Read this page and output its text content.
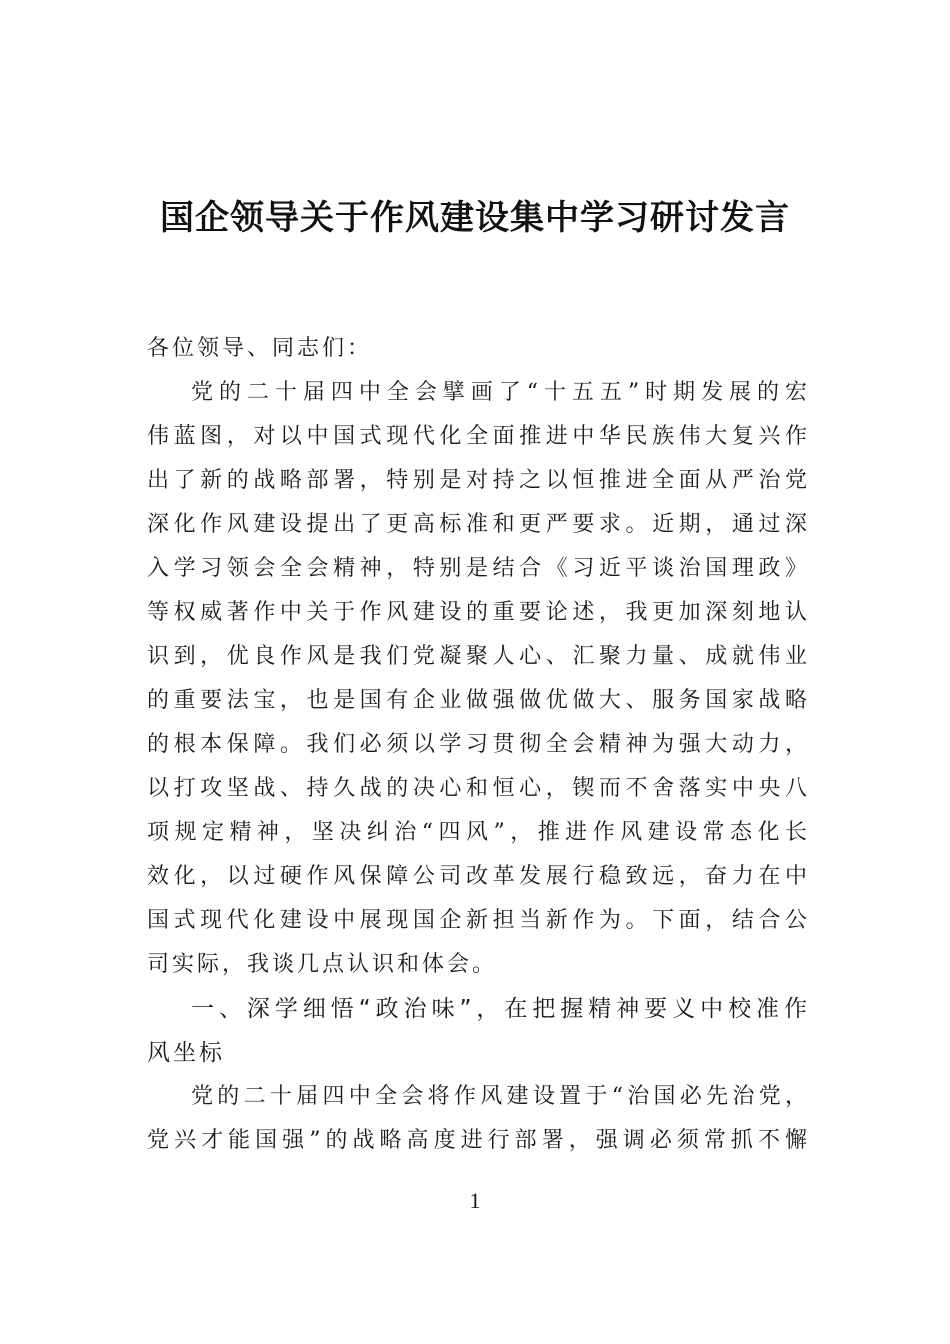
国企领导关于作风建设集中学习研讨发言
各位领导、同志们：
党的二十届四中全会擘画了“十五五”时期发展的宏
伟蓝图，对以中国式现代化全面推进中华民族伟大复兴作
出了新的战略部署，特别是对持之以恒推进全面从严治党
深化作风建设提出了更高标准和更严要求。近期，通过深
入学习领会全会精神，特别是结合《习近平谈治国理政》
等权威著作中关于作风建设的重要论述，我更加深刻地认
识到，优良作风是我们党凝聚人心、汇聚力量、成就伟业
的重要法宝，也是国有企业做强做优做大、服务国家战略
的根本保障。我们必须以学习贯彻全会精神为强大动力，
以打攻坚战、持久战的决心和恒心，锲而不舍落实中央八
项规定精神，坚决纠治“四风”，推进作风建设常态化长
效化，以过硬作风保障公司改革发展行稳致远，奋力在中
国式现代化建设中展现国企新担当新作为。下面，结合公
司实际，我谈几点认识和体会。
一、深学细悟“政治味”，在把握精神要义中校准作
风坐标
党的二十届四中全会将作风建设置于“治国必先治党，
党兴才能国强”的战略高度进行部署，强调必须常抓不懈
1
